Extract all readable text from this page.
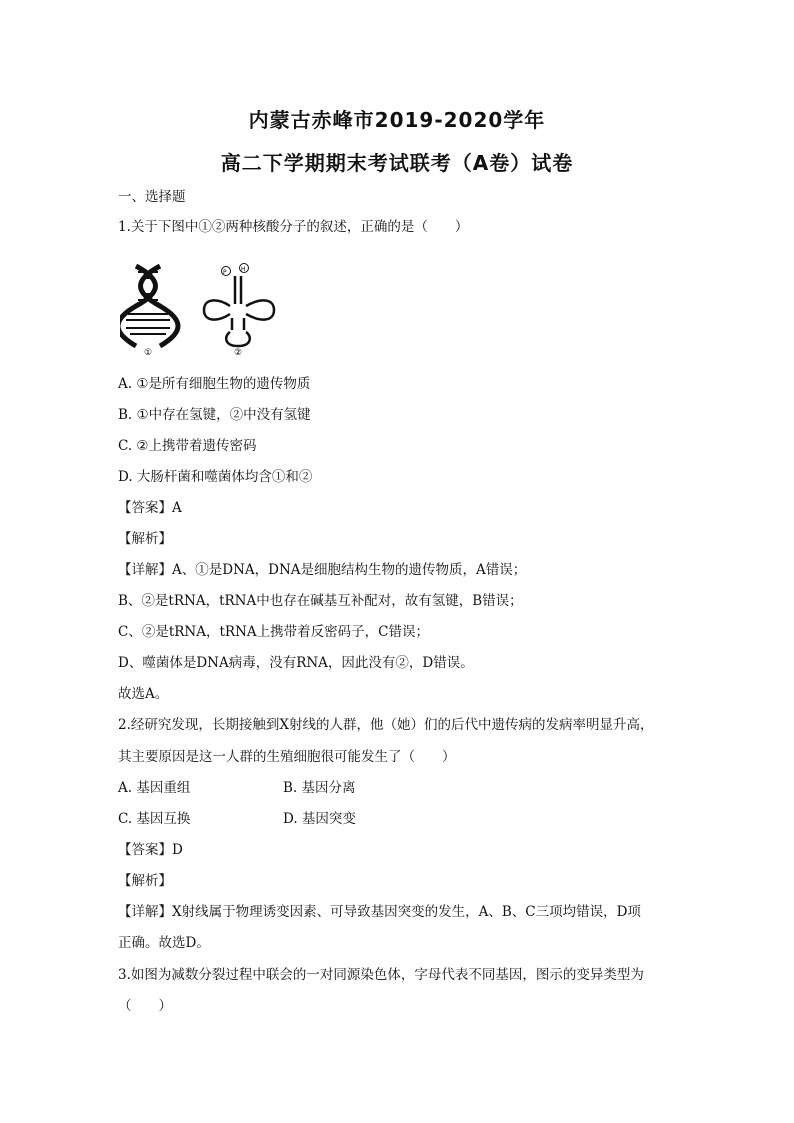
内蒙古赤峰市2019-2020学年
高二下学期期末考试联考（A卷）试卷
一、选择题
1.关于下图中①②两种核酸分子的叙述，正确的是（　　）
①
P H
②
A. ①是所有细胞生物的遗传物质
B. ①中存在氢键，②中没有氢键
C. ②上携带着遗传密码
D. 大肠杆菌和噬菌体均含①和②
【答案】A
【解析】
【详解】A、①是DNA，DNA是细胞结构生物的遗传物质，A错误；
B、②是tRNA，tRNA中也存在碱基互补配对，故有氢键，B错误；
C、②是tRNA，tRNA上携带着反密码子，C错误；
D、噬菌体是DNA病毒，没有RNA，因此没有②，D错误。
故选A。
2.经研究发现，长期接触到X射线的人群，他（她）们的后代中遗传病的发病率明显升高，
其主要原因是这一人群的生殖细胞很可能发生了（　　）
A. 基因重组	B. 基因分离
C. 基因互换	D. 基因突变
【答案】D
【解析】
【详解】X射线属于物理诱变因素、可导致基因突变的发生，A、B、C三项均错误，D项
正确。故选D。
3.如图为减数分裂过程中联会的一对同源染色体，字母代表不同基因，图示的变异类型为
（　　）
